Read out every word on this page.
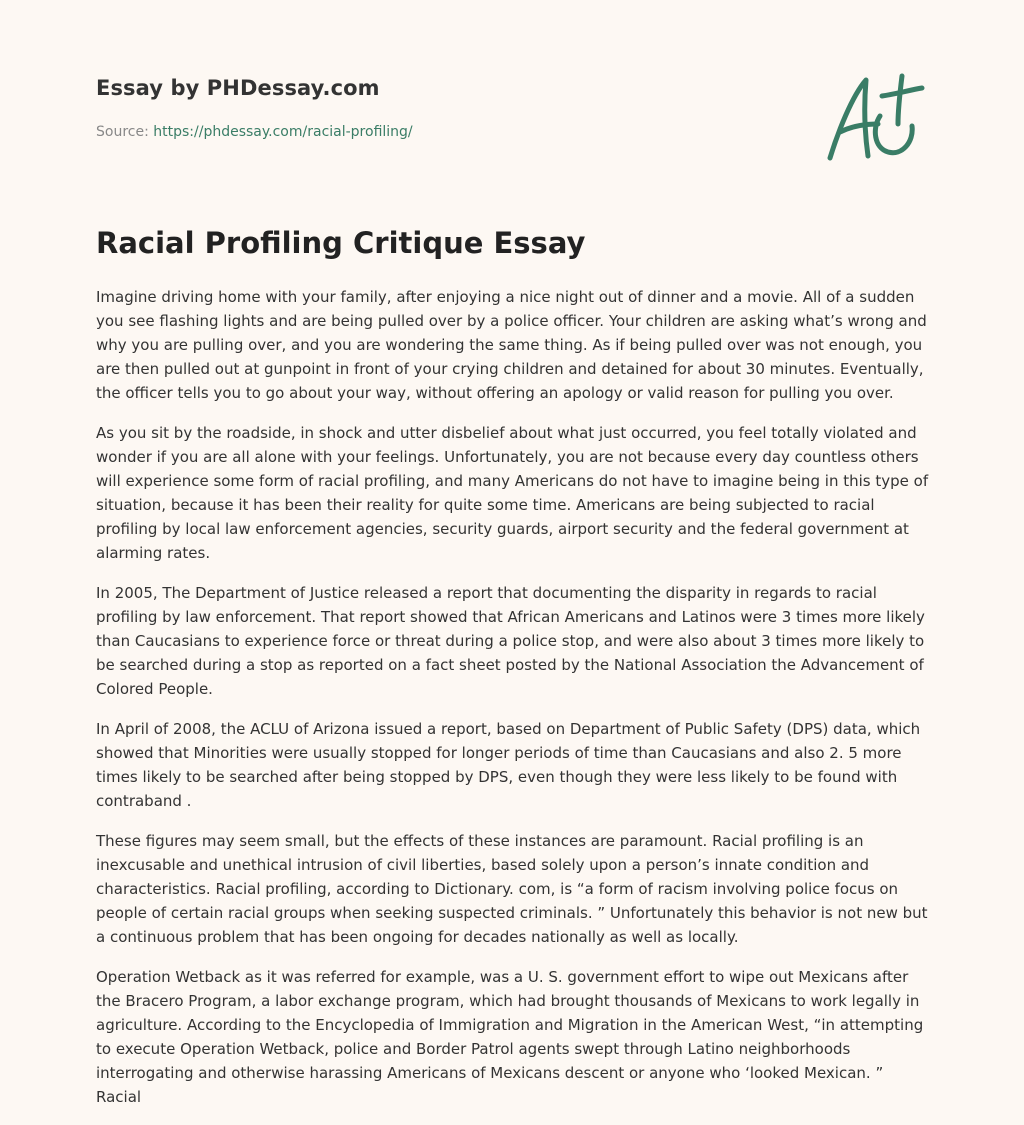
Essay by PHDessay.com
Source: https://phdessay.com/racial-profiling/
Racial Profiling Critique Essay

Imagine driving home with your family, after enjoying a nice night out of dinner and a movie. All of a sudden you see flashing lights and are being pulled over by a police officer. Your children are asking what’s wrong and why you are pulling over, and you are wondering the same thing. As if being pulled over was not enough, you are then pulled out at gunpoint in front of your crying children and detained for about 30 minutes. Eventually, the officer tells you to go about your way, without offering an apology or valid reason for pulling you over.

As you sit by the roadside, in shock and utter disbelief about what just occurred, you feel totally violated and wonder if you are all alone with your feelings. Unfortunately, you are not because every day countless others will experience some form of racial profiling, and many Americans do not have to imagine being in this type of situation, because it has been their reality for quite some time. Americans are being subjected to racial profiling by local law enforcement agencies, security guards, airport security and the federal government at alarming rates.

In 2005, The Department of Justice released a report that documenting the disparity in regards to racial profiling by law enforcement. That report showed that African Americans and Latinos were 3 times more likely than Caucasians to experience force or threat during a police stop, and were also about 3 times more likely to be searched during a stop as reported on a fact sheet posted by the National Association the Advancement of Colored People.

In April of 2008, the ACLU of Arizona issued a report, based on Department of Public Safety (DPS) data, which showed that Minorities were usually stopped for longer periods of time than Caucasians and also 2. 5 more times likely to be searched after being stopped by DPS, even though they were less likely to be found with contraband .

These figures may seem small, but the effects of these instances are paramount. Racial profiling is an inexcusable and unethical intrusion of civil liberties, based solely upon a person’s innate condition and characteristics. Racial profiling, according to Dictionary. com, is “a form of racism involving police focus on people of certain racial groups when seeking suspected criminals. ” Unfortunately this behavior is not new but a continuous problem that has been ongoing for decades nationally as well as locally.

Operation Wetback as it was referred for example, was a U. S. government effort to wipe out Mexicans after the Bracero Program, a labor exchange program, which had brought thousands of Mexicans to work legally in agriculture. According to the Encyclopedia of Immigration and Migration in the American West, “in attempting to execute Operation Wetback, police and Border Patrol agents swept through Latino neighborhoods interrogating and otherwise harassing Americans of Mexicans descent or anyone who ‘looked Mexican. ” Racial
